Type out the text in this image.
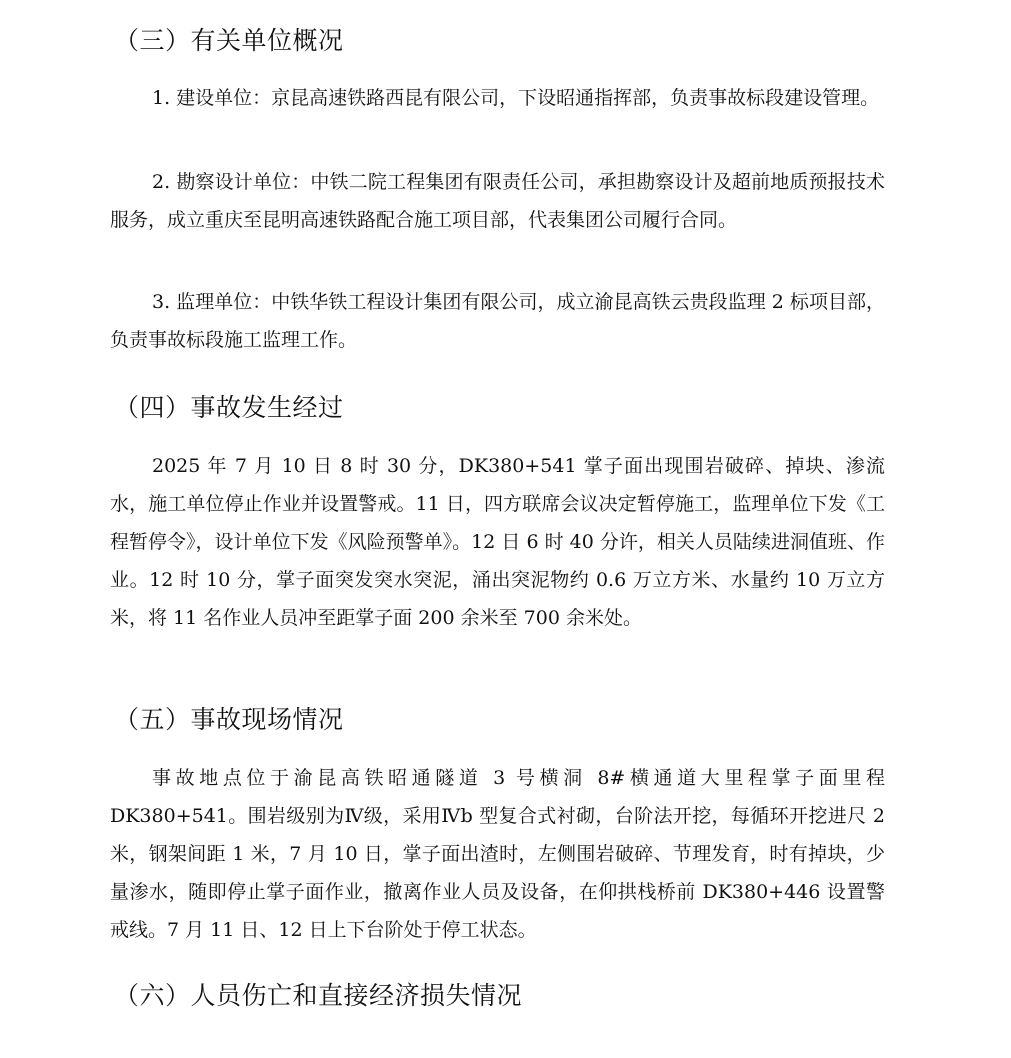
（三）有关单位概况
1. 建设单位：京昆高速铁路西昆有限公司，下设昭通指挥部，负责事故标段建设管理。
2. 勘察设计单位：中铁二院工程集团有限责任公司，承担勘察设计及超前地质预报技术服务，成立重庆至昆明高速铁路配合施工项目部，代表集团公司履行合同。
3. 监理单位：中铁华铁工程设计集团有限公司，成立渝昆高铁云贵段监理 2 标项目部，负责事故标段施工监理工作。
（四）事故发生经过
2025 年 7 月 10 日 8 时 30 分，DK380+541 掌子面出现围岩破碎、掉块、渗流水，施工单位停止作业并设置警戒。11 日，四方联席会议决定暂停施工，监理单位下发《工程暂停令》，设计单位下发《风险预警单》。12 日 6 时 40 分许，相关人员陆续进洞值班、作业。12 时 10 分，掌子面突发突水突泥，涌出突泥物约 0.6 万立方米、水量约 10 万立方米，将 11 名作业人员冲至距掌子面 200 余米至 700 余米处。
（五）事故现场情况
事故地点位于渝昆高铁昭通隧道 3 号横洞 8#横通道大里程掌子面里程 DK380+541。围岩级别为Ⅳ级，采用Ⅳb 型复合式衬砌，台阶法开挖，每循环开挖进尺 2 米，钢架间距 1 米，7 月 10 日，掌子面出渣时，左侧围岩破碎、节理发育，时有掉块，少量渗水，随即停止掌子面作业，撤离作业人员及设备，在仰拱栈桥前 DK380+446 设置警戒线。7 月 11 日、12 日上下台阶处于停工状态。
（六）人员伤亡和直接经济损失情况
